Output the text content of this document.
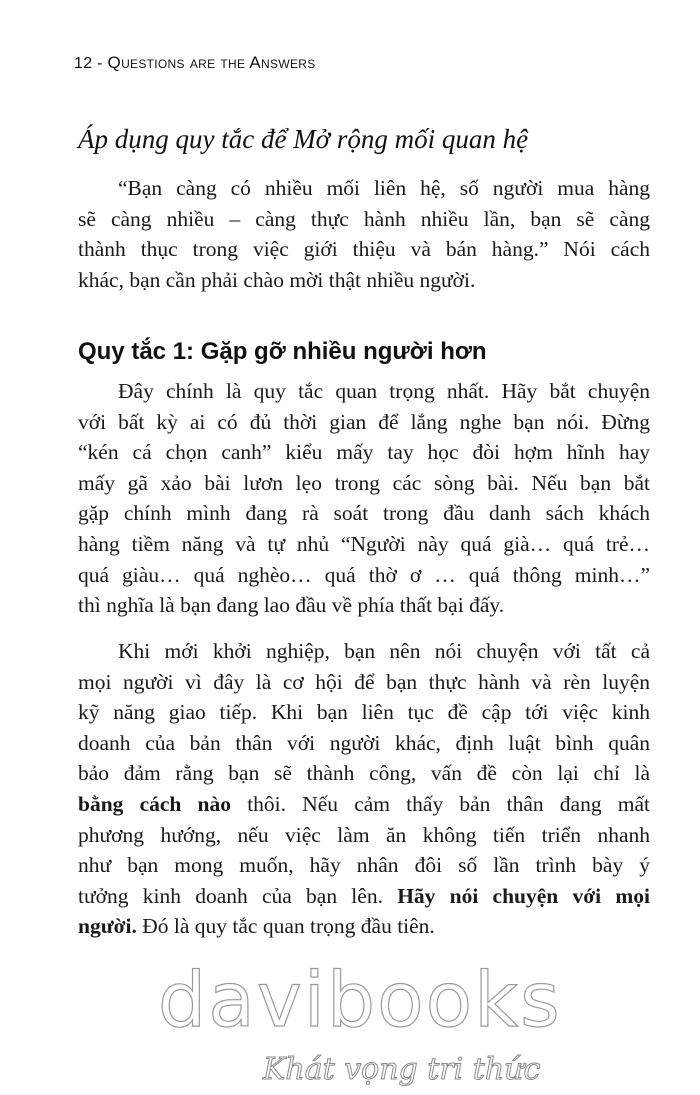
12 - Questions are the Answers
Áp dụng quy tắc để Mở rộng mối quan hệ

“Bạn càng có nhiều mối liên hệ, số người mua hàng
sẽ càng nhiều – càng thực hành nhiều lần, bạn sẽ càng
thành thục trong việc giới thiệu và bán hàng.” Nói cách
khác, bạn cần phải chào mời thật nhiều người.

Quy tắc 1: Gặp gỡ nhiều người hơn

Đây chính là quy tắc quan trọng nhất. Hãy bắt chuyện
với bất kỳ ai có đủ thời gian để lắng nghe bạn nói. Đừng
“kén cá chọn canh” kiểu mấy tay học đòi hợm hĩnh hay
mấy gã xảo bài lươn lẹo trong các sòng bài. Nếu bạn bắt
gặp chính mình đang rà soát trong đầu danh sách khách
hàng tiềm năng và tự nhủ “Người này quá già… quá trẻ…
quá giàu… quá nghèo… quá thờ ơ … quá thông minh…”
thì nghĩa là bạn đang lao đầu về phía thất bại đấy.

Khi mới khởi nghiệp, bạn nên nói chuyện với tất cả
mọi người vì đây là cơ hội để bạn thực hành và rèn luyện
kỹ năng giao tiếp. Khi bạn liên tục đề cập tới việc kinh
doanh của bản thân với người khác, định luật bình quân
bảo đảm rằng bạn sẽ thành công, vấn đề còn lại chỉ là
bằng cách nào thôi. Nếu cảm thấy bản thân đang mất
phương hướng, nếu việc làm ăn không tiến triển nhanh
như bạn mong muốn, hãy nhân đôi số lần trình bày ý
tưởng kinh doanh của bạn lên. Hãy nói chuyện với mọi
người. Đó là quy tắc quan trọng đầu tiên.

davibooks
Khát vọng tri thức
